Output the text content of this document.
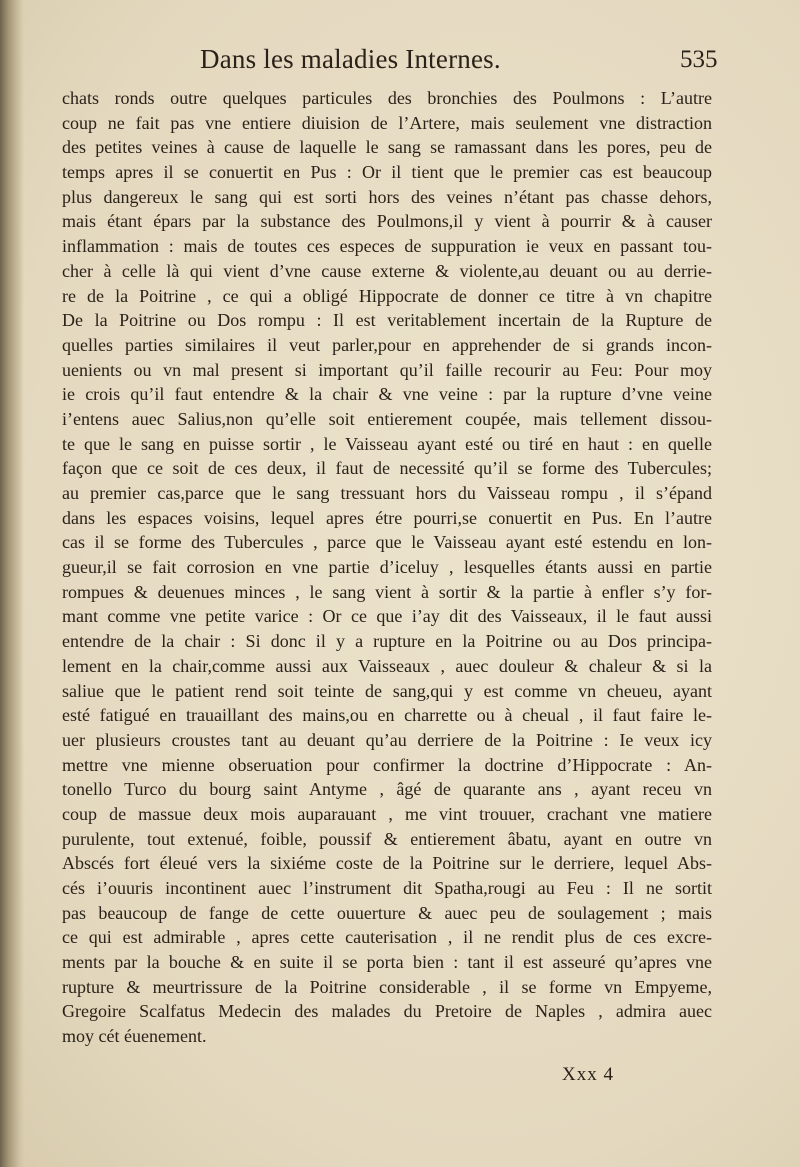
Dans les maladies Internes.	535
chats ronds outre quelques particules des bronchies des Poulmons : L’autre
coup ne fait pas vne entiere diuision de l’Artere, mais seulement vne distraction
des petites veines à cause de laquelle le sang se ramassant dans les pores, peu de
temps apres il se conuertit en Pus : Or il tient que le premier cas est beaucoup
plus dangereux le sang qui est sorti hors des veines n’étant pas chasse dehors,
mais étant épars par la substance des Poulmons,il y vient à pourrir & à causer
inflammation : mais de toutes ces especes de suppuration ie veux en passant tou-
cher à celle là qui vient d’vne cause externe & violente,au deuant ou au derrie-
re de la Poitrine , ce qui a obligé Hippocrate de donner ce titre à vn chapitre
De la Poitrine ou Dos rompu : Il est veritablement incertain de la Rupture de
quelles parties similaires il veut parler,pour en apprehender de si grands incon-
uenients ou vn mal present si important qu’il faille recourir au Feu: Pour moy
ie crois qu’il faut entendre & la chair & vne veine : par la rupture d’vne veine
i’entens auec Salius,non qu’elle soit entierement coupée, mais tellement dissou-
te que le sang en puisse sortir , le Vaisseau ayant esté ou tiré en haut : en quelle
façon que ce soit de ces deux, il faut de necessité qu’il se forme des Tubercules;
au premier cas,parce que le sang tressuant hors du Vaisseau rompu , il s’épand
dans les espaces voisins, lequel apres étre pourri,se conuertit en Pus. En l’autre
cas il se forme des Tubercules , parce que le Vaisseau ayant esté estendu en lon-
gueur,il se fait corrosion en vne partie d’iceluy , lesquelles étants aussi en partie
rompues & deuenues minces , le sang vient à sortir & la partie à enfler s’y for-
mant comme vne petite varice : Or ce que i’ay dit des Vaisseaux, il le faut aussi
entendre de la chair : Si donc il y a rupture en la Poitrine ou au Dos principa-
lement en la chair,comme aussi aux Vaisseaux , auec douleur & chaleur & si la
saliue que le patient rend soit teinte de sang,qui y est comme vn cheueu, ayant
esté fatigué en trauaillant des mains,ou en charrette ou à cheual , il faut faire le-
uer plusieurs croustes tant au deuant qu’au derriere de la Poitrine : Ie veux icy
mettre vne mienne obseruation pour confirmer la doctrine d’Hippocrate : An-
tonello Turco du bourg saint Antyme , âgé de quarante ans , ayant receu vn
coup de massue deux mois auparauant , me vint trouuer, crachant vne matiere
purulente, tout extenué, foible, poussif & entierement âbatu, ayant en outre vn
Abscés fort éleué vers la sixiéme coste de la Poitrine sur le derriere, lequel Abs-
cés i’ouuris incontinent auec l’instrument dit Spatha,rougi au Feu : Il ne sortit
pas beaucoup de fange de cette ouuerture & auec peu de soulagement ; mais
ce qui est admirable , apres cette cauterisation , il ne rendit plus de ces excre-
ments par la bouche & en suite il se porta bien : tant il est asseuré qu’apres vne
rupture & meurtrissure de la Poitrine considerable , il se forme vn Empyeme,
Gregoire Scalfatus Medecin des malades du Pretoire de Naples , admira auec
moy cét éuenement.
Xxx 4
